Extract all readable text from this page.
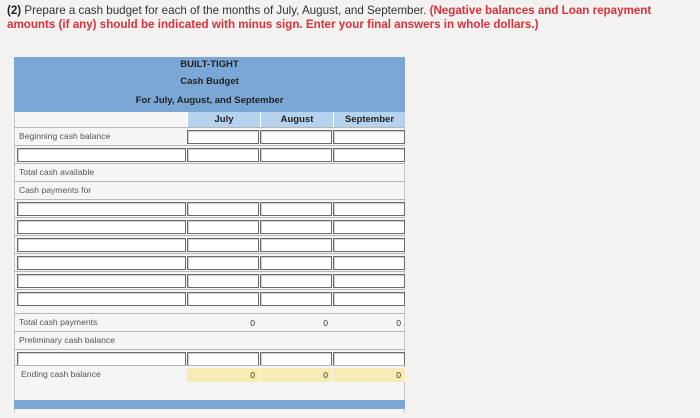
(2) Prepare a cash budget for each of the months of July, August, and September. (Negative balances and Loan repayment amounts (if any) should be indicated with minus sign. Enter your final answers in whole dollars.)
BUILT-TIGHT
Cash Budget
For July, August, and September
July	August	September
Beginning cash balance
Total cash available
Cash payments for
Total cash payments	0	0	0
Preliminary cash balance
Ending cash balance	0	0	0
